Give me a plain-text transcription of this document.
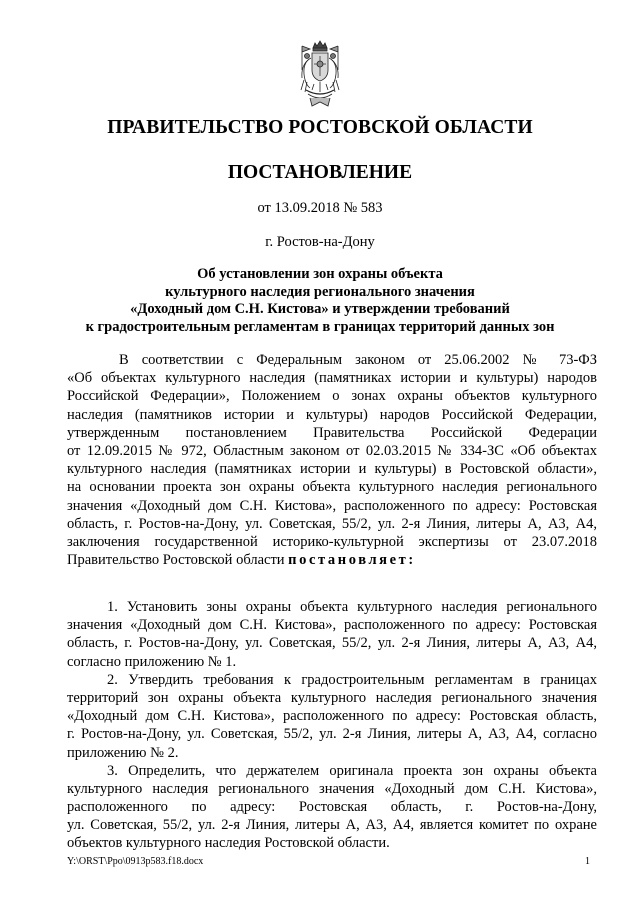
ПРАВИТЕЛЬСТВО РОСТОВСКОЙ ОБЛАСТИ
ПОСТАНОВЛЕНИЕ
от 13.09.2018 № 583
г. Ростов-на-Дону
Об установлении зон охраны объекта
культурного наследия регионального значения
«Доходный дом С.Н. Кистова» и утверждении требований
к градостроительным регламентам в границах территорий данных зон
В соответствии с Федеральным законом от 25.06.2002 № 73-ФЗ
«Об объектах культурного наследия (памятниках истории и культуры) народов
Российской Федерации», Положением о зонах охраны объектов культурного
наследия (памятников истории и культуры) народов Российской Федерации,
утвержденным постановлением Правительства Российской Федерации
от 12.09.2015 № 972, Областным законом от 02.03.2015 № 334-ЗС «Об объектах
культурного наследия (памятниках истории и культуры) в Ростовской области»,
на основании проекта зон охраны объекта культурного наследия регионального
значения «Доходный дом С.Н. Кистова», расположенного по адресу: Ростовская
область, г. Ростов-на-Дону, ул. Советская, 55/2, ул. 2-я Линия, литеры А, А3, А4,
заключения государственной историко-культурной экспертизы от 23.07.2018
Правительство Ростовской области постановляет:
1. Установить зоны охраны объекта культурного наследия регионального
значения «Доходный дом С.Н. Кистова», расположенного по адресу: Ростовская
область, г. Ростов-на-Дону, ул. Советская, 55/2, ул. 2-я Линия, литеры А, А3, А4,
согласно приложению № 1.
2. Утвердить требования к градостроительным регламентам в границах
территорий зон охраны объекта культурного наследия регионального значения
«Доходный дом С.Н. Кистова», расположенного по адресу: Ростовская область,
г. Ростов-на-Дону, ул. Советская, 55/2, ул. 2-я Линия, литеры А, А3, А4, согласно
приложению № 2.
3. Определить, что держателем оригинала проекта зон охраны объекта
культурного наследия регионального значения «Доходный дом С.Н. Кистова»,
расположенного по адресу: Ростовская область, г. Ростов-на-Дону,
ул. Советская, 55/2, ул. 2-я Линия, литеры А, А3, А4, является комитет по охране
объектов культурного наследия Ростовской области.
Y:\ORST\Ppo\0913p583.f18.docx	1
